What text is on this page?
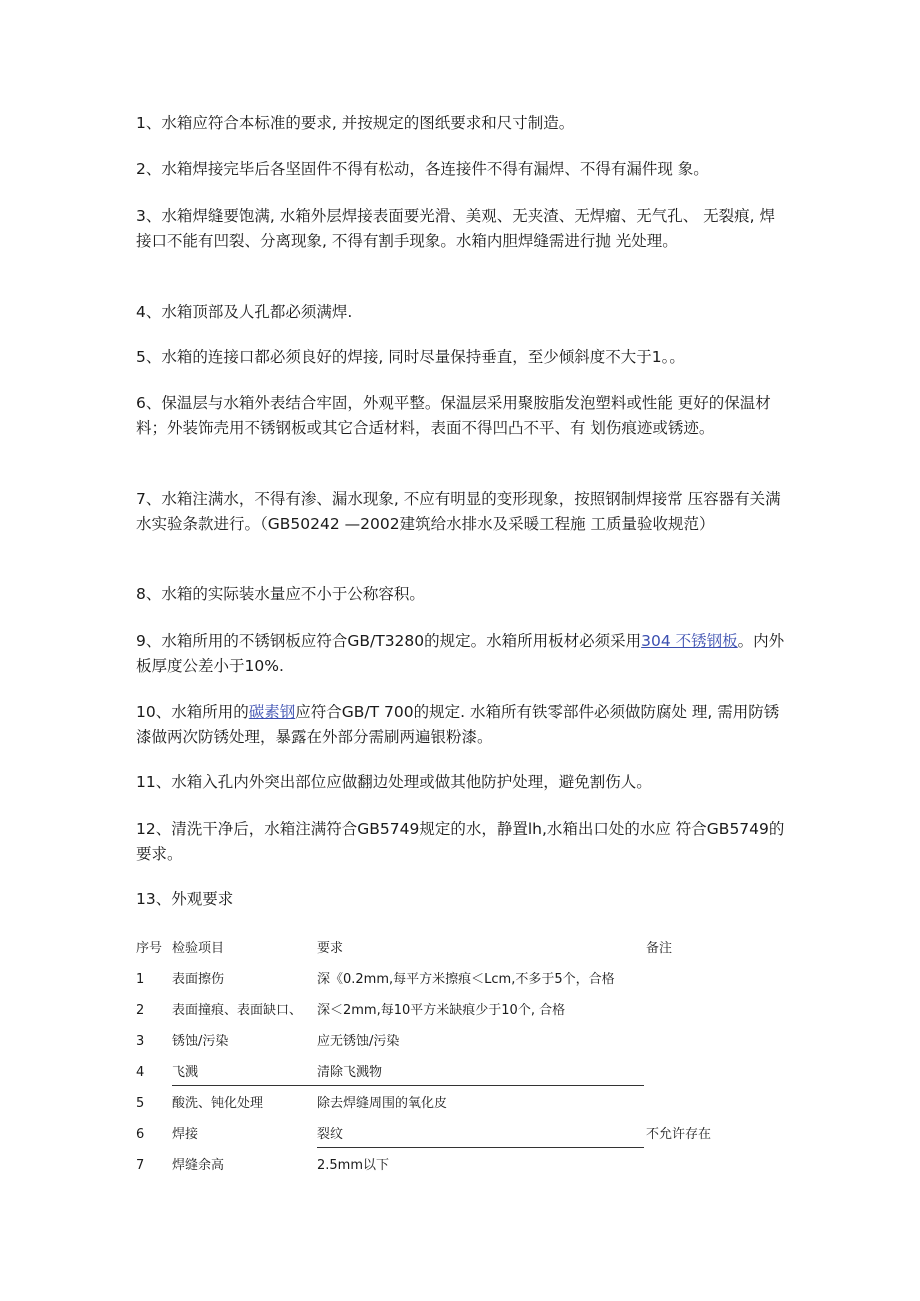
1、水箱应符合本标准的要求, 并按规定的图纸要求和尺寸制造。

2、水箱焊接完毕后各坚固件不得有松动，各连接件不得有漏焊、不得有漏件现 象。

3、水箱焊缝要饱满, 水箱外层焊接表面要光滑、美观、无夹渣、无焊瘤、无气孔、 无裂痕, 焊接口不能有凹裂、分离现象, 不得有割手现象。水箱内胆焊缝需进行抛 光处理。

4、水箱顶部及人孔都必须满焊.

5、水箱的连接口都必须良好的焊接, 同时尽量保持垂直，至少倾斜度不大于1。。

6、保温层与水箱外表结合牢固，外观平整。保温层采用聚胺脂发泡塑料或性能 更好的保温材料；外装饰壳用不锈钢板或其它合适材料，表面不得凹凸不平、有 划伤痕迹或锈迹。

7、水箱注满水，不得有渗、漏水现象, 不应有明显的变形现象，按照钢制焊接常 压容器有关满水实验条款进行。（GB50242 —2002建筑给水排水及采暖工程施 工质量验收规范）

8、水箱的实际装水量应不小于公称容积。

9、水箱所用的不锈钢板应符合GB/T3280的规定。水箱所用板材必须采用304 不锈钢板。内外板厚度公差小于10%.

10、水箱所用的碳素钢应符合GB/T 700的规定. 水箱所有铁零部件必须做防腐处 理, 需用防锈漆做两次防锈处理，暴露在外部分需刷两遍银粉漆。

11、水箱入孔内外突出部位应做翻边处理或做其他防护处理，避免割伤人。

12、清洗干净后，水箱注满符合GB5749规定的水，静置lh,水箱出口处的水应 符合GB5749的要求。

13、外观要求

序号 检验项目	要求	备注
1 表面擦伤	深《0.2mm,每平方米擦痕＜Lcm,不多于5个，合格
2 表面撞痕、表面缺口、 深＜2mm,每10平方米缺痕少于10个, 合格
3 锈蚀/污染	应无锈蚀/污染
4 飞溅	清除飞溅物
5 酸洗、钝化处理	除去焊缝周围的氧化皮
6 焊接	裂纹	不允许存在
7 焊缝余高	2.5mm以下
